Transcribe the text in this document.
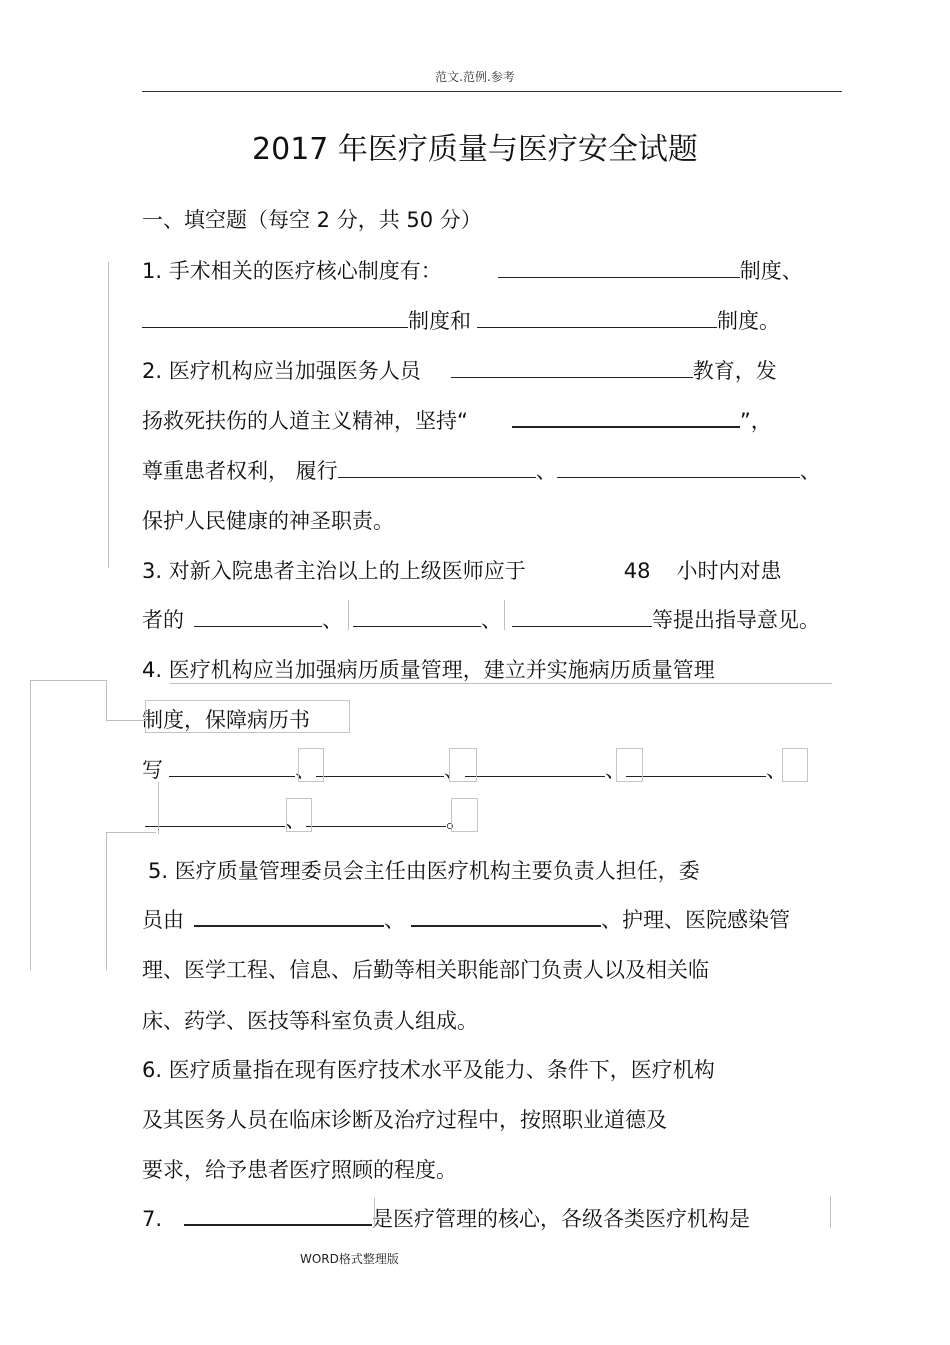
范文.范例.参考
2017 年医疗质量与医疗安全试题
一、填空题（每空 2 分，共 50 分）
1. 手术相关的医疗核心制度有：	制度、
制度和	制度。
2. 医疗机构应当加强医务人员	教育，发
扬救死扶伤的人道主义精神，坚持“	”，
尊重患者权利， 履行	、	、
保护人民健康的神圣职责。
3. 对新入院患者主治以上的上级医师应于	48 小时内对患
者的	、	、	等提出指导意见。
4. 医疗机构应当加强病历质量管理，建立并实施病历质量管理
制度，保障病历书
写	、	、	、	、
、	。
5. 医疗质量管理委员会主任由医疗机构主要负责人担任，委
员由	、	、护理、医院感染管
理、医学工程、信息、后勤等相关职能部门负责人以及相关临
床、药学、医技等科室负责人组成。
6. 医疗质量指在现有医疗技术水平及能力、条件下，医疗机构
及其医务人员在临床诊断及治疗过程中，按照职业道德及
要求，给予患者医疗照顾的程度。
7.	是医疗管理的核心，各级各类医疗机构是
WORD格式整理版
